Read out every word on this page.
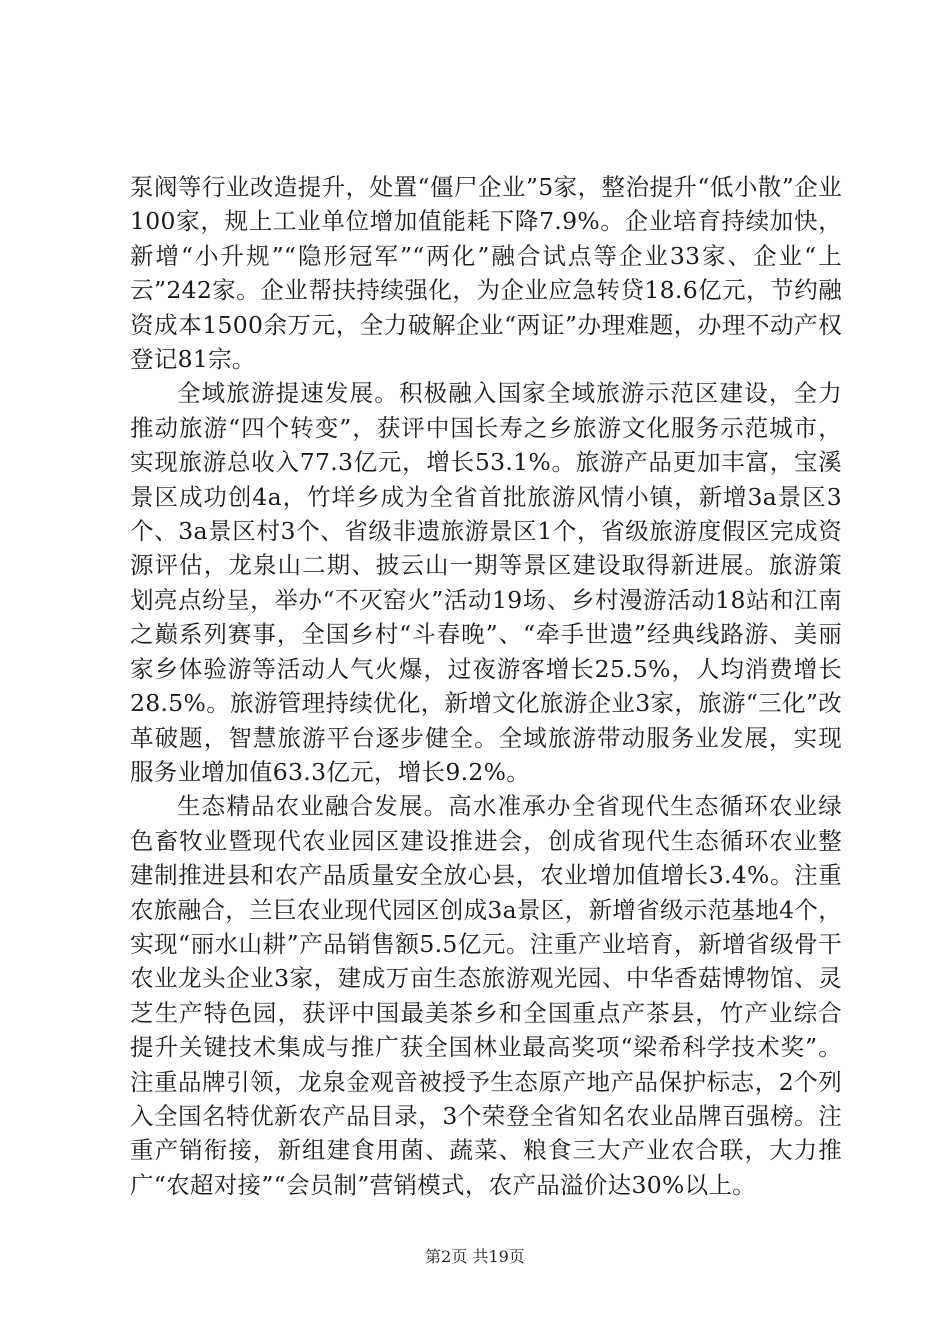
泵阀等行业改造提升，处置“僵尸企业”5家，整治提升“低小散”企业100家，规上工业单位增加值能耗下降7.9%。企业培育持续加快，新增“小升规”“隐形冠军”“两化”融合试点等企业33家、企业“上云”242家。企业帮扶持续强化，为企业应急转贷18.6亿元，节约融资成本1500余万元，全力破解企业“两证”办理难题，办理不动产权登记81宗。

全域旅游提速发展。积极融入国家全域旅游示范区建设，全力推动旅游“四个转变”，获评中国长寿之乡旅游文化服务示范城市，实现旅游总收入77.3亿元，增长53.1%。旅游产品更加丰富，宝溪景区成功创4a，竹垟乡成为全省首批旅游风情小镇，新增3a景区3个、3a景区村3个、省级非遗旅游景区1个，省级旅游度假区完成资源评估，龙泉山二期、披云山一期等景区建设取得新进展。旅游策划亮点纷呈，举办“不灭窑火”活动19场、乡村漫游活动18站和江南之巅系列赛事，全国乡村“斗春晚”、“牵手世遗”经典线路游、美丽家乡体验游等活动人气火爆，过夜游客增长25.5%，人均消费增长28.5%。旅游管理持续优化，新增文化旅游企业3家，旅游“三化”改革破题，智慧旅游平台逐步健全。全域旅游带动服务业发展，实现服务业增加值63.3亿元，增长9.2%。

生态精品农业融合发展。高水准承办全省现代生态循环农业绿色畜牧业暨现代农业园区建设推进会，创成省现代生态循环农业整建制推进县和农产品质量安全放心县，农业增加值增长3.4%。注重农旅融合，兰巨农业现代园区创成3a景区，新增省级示范基地4个，实现“丽水山耕”产品销售额5.5亿元。注重产业培育，新增省级骨干农业龙头企业3家，建成万亩生态旅游观光园、中华香菇博物馆、灵芝生产特色园，获评中国最美茶乡和全国重点产茶县，竹产业综合提升关键技术集成与推广获全国林业最高奖项“梁希科学技术奖”。注重品牌引领，龙泉金观音被授予生态原产地产品保护标志，2个列入全国名特优新农产品目录，3个荣登全省知名农业品牌百强榜。注重产销衔接，新组建食用菌、蔬菜、粮食三大产业农合联，大力推广“农超对接”“会员制”营销模式，农产品溢价达30%以上。

第2页 共19页
